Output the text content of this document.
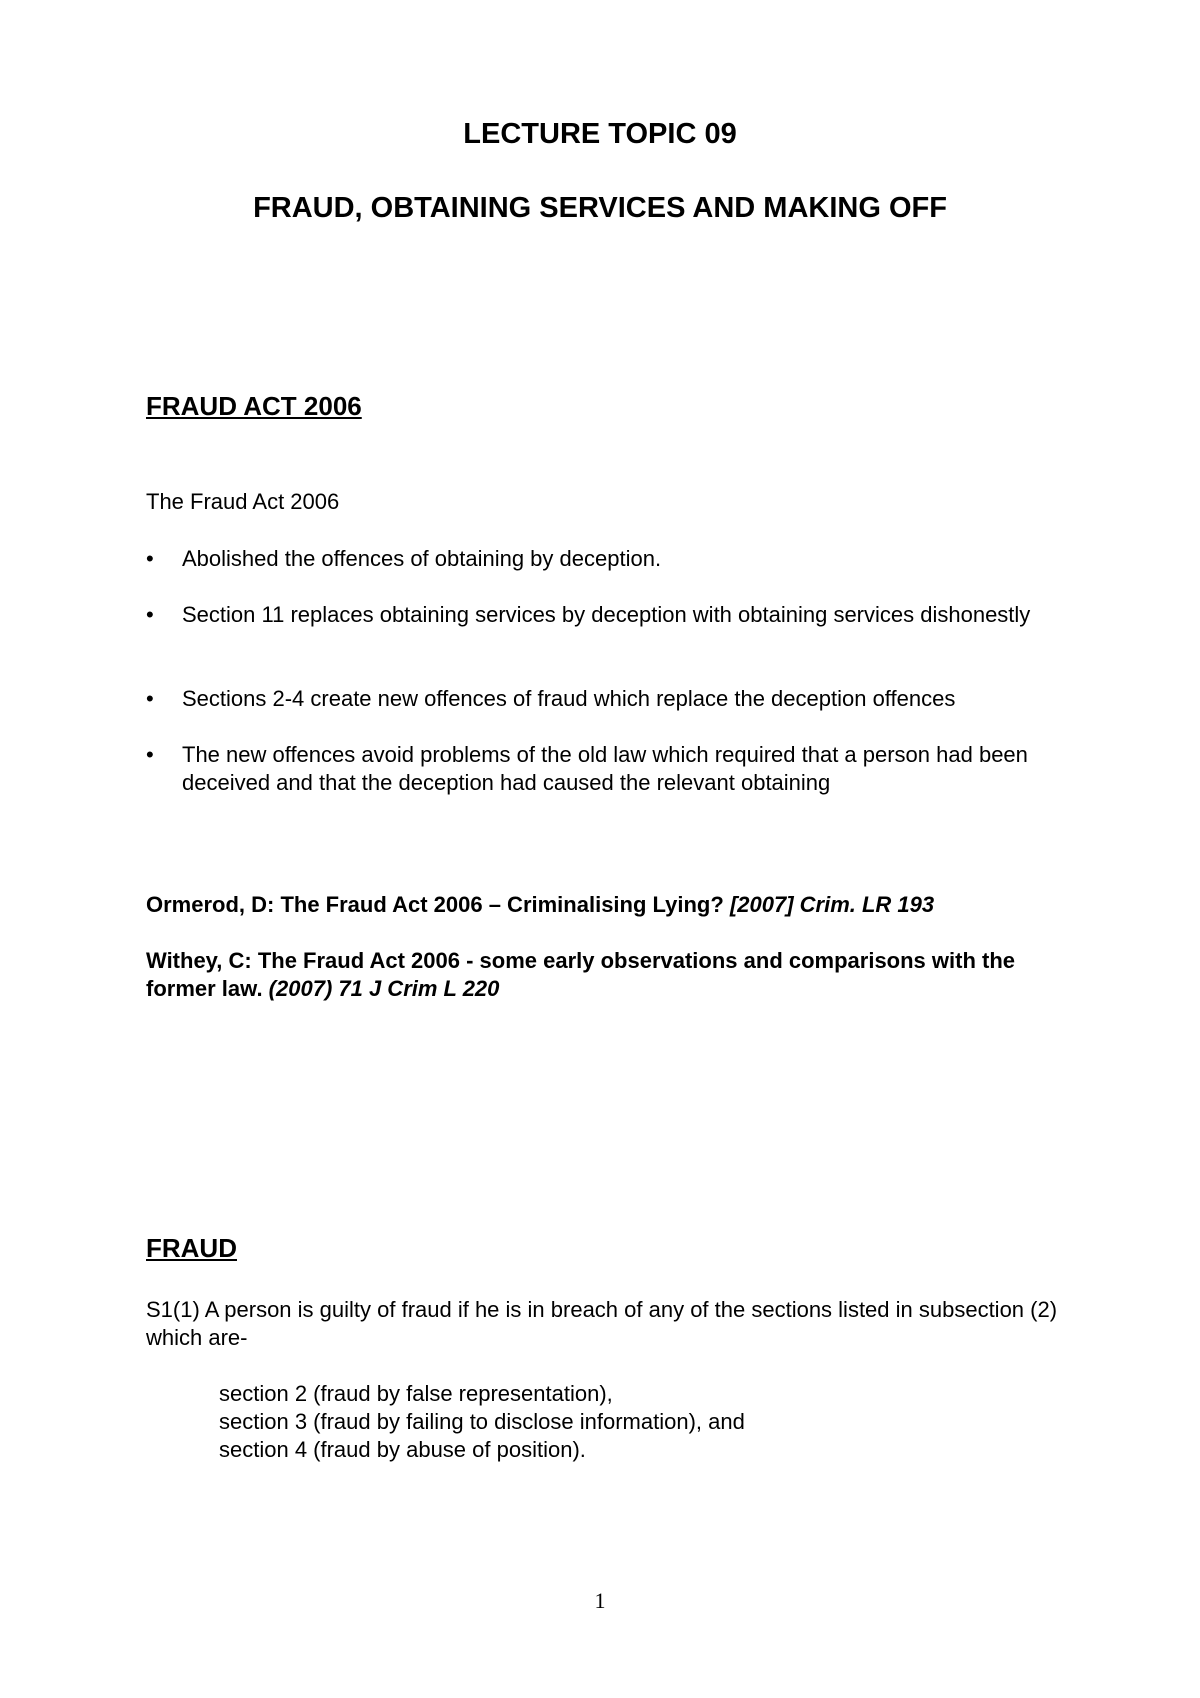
LECTURE TOPIC 09
FRAUD, OBTAINING SERVICES AND MAKING OFF
FRAUD ACT 2006

The Fraud Act 2006

•	Abolished the offences of obtaining by deception.
•	Section 11 replaces obtaining services by deception with obtaining services dishonestly
•	Sections 2-4 create new offences of fraud which replace the deception offences
•	The new offences avoid problems of the old law which required that a person had been deceived and that the deception had caused the relevant obtaining

Ormerod, D: The Fraud Act 2006 – Criminalising Lying? [2007] Crim. LR 193

Withey, C: The Fraud Act 2006 - some early observations and comparisons with the former law. (2007) 71 J Crim L 220

FRAUD

S1(1) A person is guilty of fraud if he is in breach of any of the sections listed in subsection (2) which are-

section 2 (fraud by false representation),

section 3 (fraud by failing to disclose information), and

section 4 (fraud by abuse of position).

1
